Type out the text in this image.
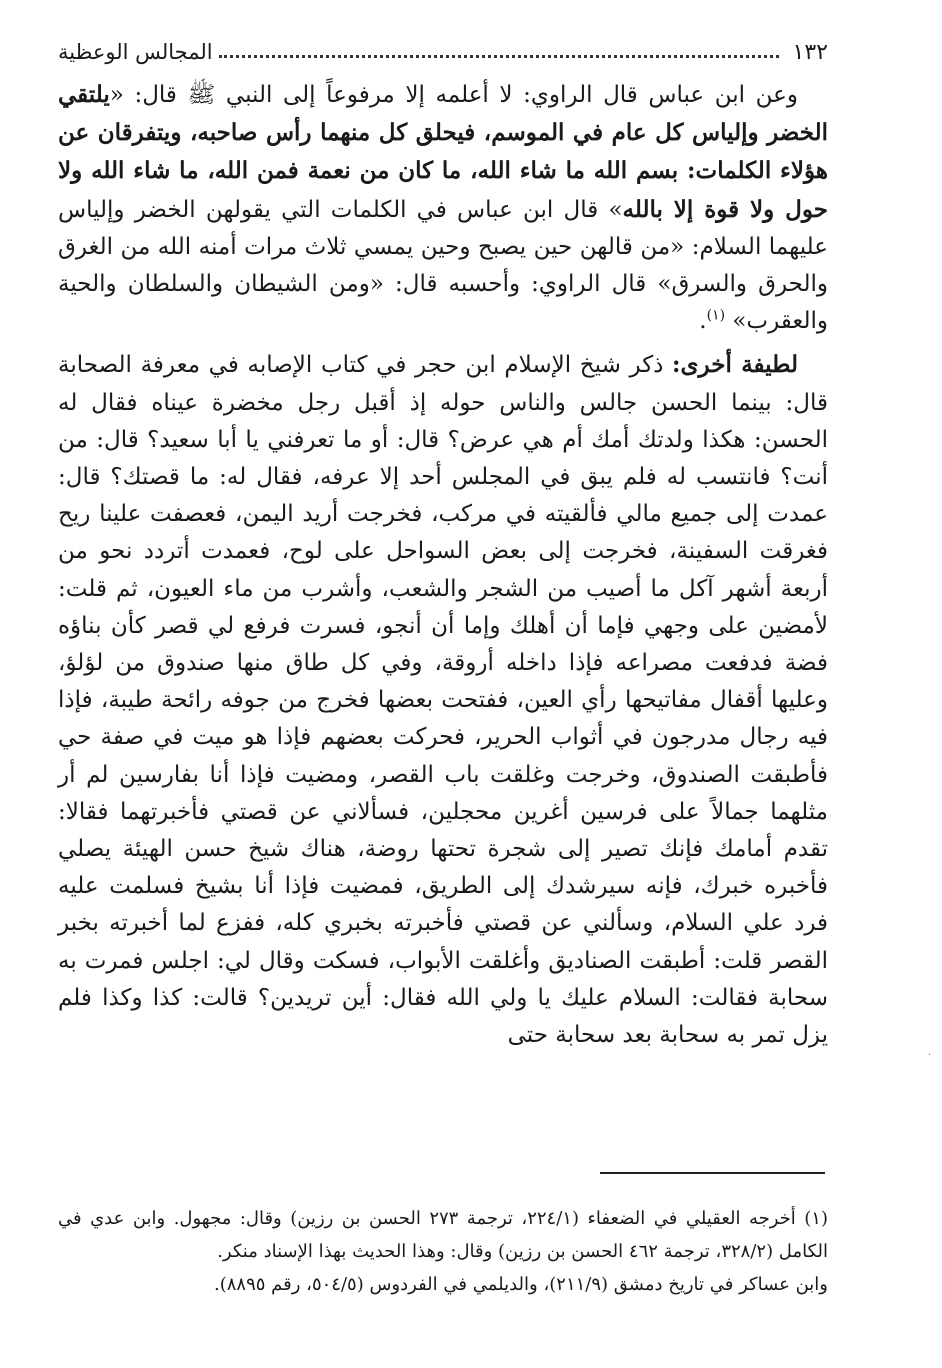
١٣٢
المجالس الوعظية

وعن ابن عباس قال الراوي: لا أعلمه إلا مرفوعاً إلى النبي ﷺ قال: «يلتقي الخضر وإلياس كل عام في الموسم، فيحلق كل منهما رأس صاحبه، ويتفرقان عن هؤلاء الكلمات: بسم الله ما شاء الله، ما كان من نعمة فمن الله، ما شاء الله ولا حول ولا قوة إلا بالله» قال ابن عباس في الكلمات التي يقولهن الخضر وإلياس عليهما السلام: «من قالهن حين يصبح وحين يمسي ثلاث مرات أمنه الله من الغرق والحرق والسرق» قال الراوي: وأحسبه قال: «ومن الشيطان والسلطان والحية والعقرب» $^{(١)}$.

لطيفة أخرى: ذكر شيخ الإسلام ابن حجر في كتاب الإصابه في معرفة الصحابة قال: بينما الحسن جالس والناس حوله إذ أقبل رجل مخضرة عيناه فقال له الحسن: هكذا ولدتك أمك أم هي عرض؟ قال: أو ما تعرفني يا أبا سعيد؟ قال: من أنت؟ فانتسب له فلم يبق في المجلس أحد إلا عرفه، فقال له: ما قصتك؟ قال: عمدت إلى جميع مالي فألقيته في مركب، فخرجت أريد اليمن، فعصفت علينا ريح فغرقت السفينة، فخرجت إلى بعض السواحل على لوح، فعمدت أتردد نحو من أربعة أشهر آكل ما أصيب من الشجر والشعب، وأشرب من ماء العيون، ثم قلت: لأمضين على وجهي فإما أن أهلك وإما أن أنجو، فسرت فرفع لي قصر كأن بناؤه فضة فدفعت مصراعه فإذا داخله أروقة، وفي كل طاق منها صندوق من لؤلؤ، وعليها أقفال مفاتيحها رأي العين، ففتحت بعضها فخرج من جوفه رائحة طيبة، فإذا فيه رجال مدرجون في أثواب الحرير، فحركت بعضهم فإذا هو ميت في صفة حي فأطبقت الصندوق، وخرجت وغلقت باب القصر، ومضيت فإذا أنا بفارسين لم أر مثلهما جمالاً على فرسين أغرين محجلين، فسألاني عن قصتي فأخبرتهما فقالا: تقدم أمامك فإنك تصير إلى شجرة تحتها روضة، هناك شيخ حسن الهيئة يصلي فأخبره خبرك، فإنه سيرشدك إلى الطريق، فمضيت فإذا أنا بشيخ فسلمت عليه فرد علي السلام، وسألني عن قصتي فأخبرته بخبري كله، ففزع لما أخبرته بخبر القصر قلت: أطبقت الصناديق وأغلقت الأبواب، فسكت وقال لي: اجلس فمرت به سحابة فقالت: السلام عليك يا ولي الله فقال: أين تريدين؟ قالت: كذا وكذا فلم يزل تمر به سحابة بعد سحابة حتى

(١) أخرجه العقيلي في الضعفاء (٢٢٤/١، ترجمة ٢٧٣ الحسن بن رزين) وقال: مجهول. وابن عدي في الكامل (٣٢٨/٢، ترجمة ٤٦٢ الحسن بن رزين) وقال: وهذا الحديث بهذا الإسناد منكر.

وابن عساكر في تاريخ دمشق (٢١١/٩)، والديلمي في الفردوس (٥٠٤/٥، رقم ٨٨٩٥).

·
